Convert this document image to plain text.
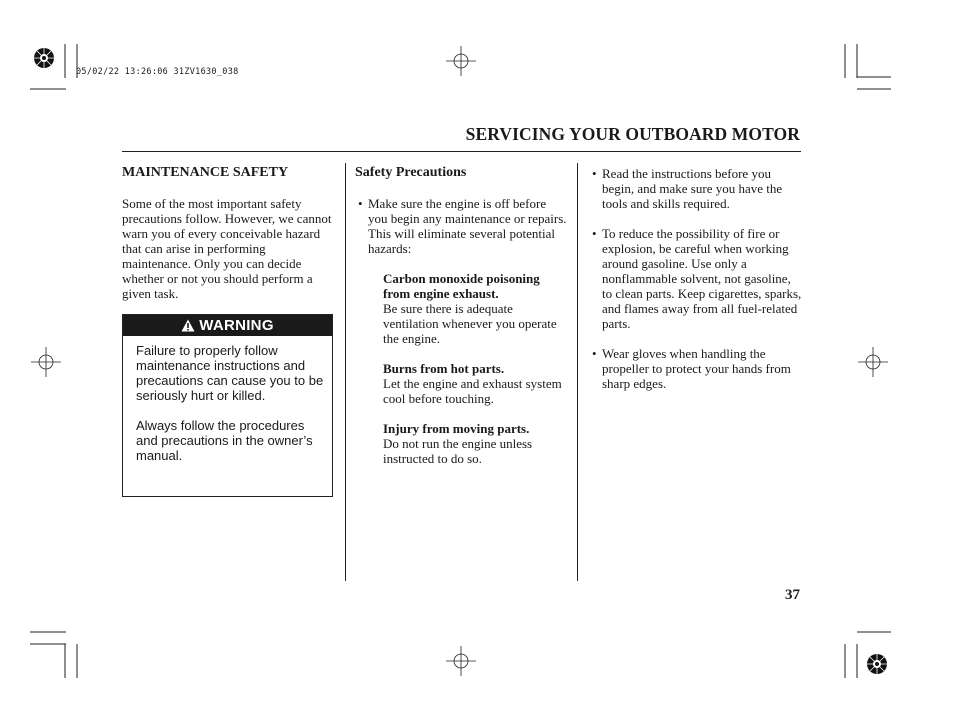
05/02/22 13:26:06 31ZV1630_038
SERVICING YOUR OUTBOARD MOTOR
MAINTENANCE SAFETY
Some of the most important safety precautions follow. However, we cannot warn you of every conceivable hazard that can arise in performing maintenance. Only you can decide whether or not you should perform a given task.
WARNING

Failure to properly follow maintenance instructions and precautions can cause you to be seriously hurt or killed.

Always follow the procedures and precautions in the owner’s manual.

Safety Precautions
• Make sure the engine is off before you begin any maintenance or repairs. This will eliminate several potential hazards:
Carbon monoxide poisoning from engine exhaust.
Be sure there is adequate ventilation whenever you operate the engine.
Burns from hot parts.
Let the engine and exhaust system cool before touching.
Injury from moving parts.
Do not run the engine unless instructed to do so.
• Read the instructions before you begin, and make sure you have the tools and skills required.
• To reduce the possibility of fire or explosion, be careful when working around gasoline. Use only a nonflammable solvent, not gasoline, to clean parts. Keep cigarettes, sparks, and flames away from all fuel-related parts.
• Wear gloves when handling the propeller to protect your hands from sharp edges.
37
